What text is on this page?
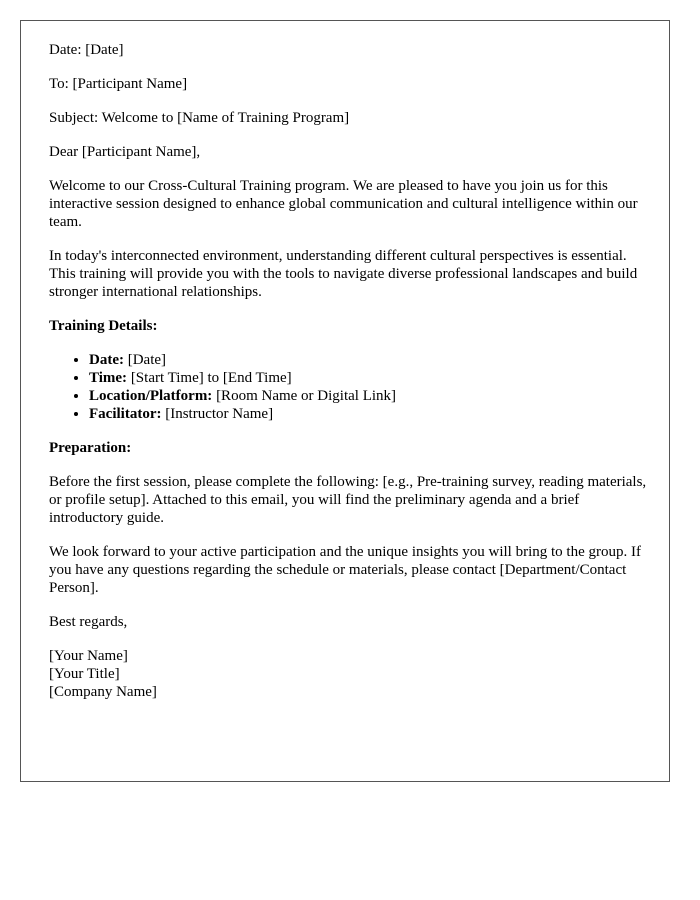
Date: [Date]

To: [Participant Name]

Subject: Welcome to [Name of Training Program]

Dear [Participant Name],

Welcome to our Cross-Cultural Training program. We are pleased to have you join us for this interactive session designed to enhance global communication and cultural intelligence within our team.

In today's interconnected environment, understanding different cultural perspectives is essential. This training will provide you with the tools to navigate diverse professional landscapes and build stronger international relationships.

Training Details:

• Date: [Date]
• Time: [Start Time] to [End Time]
• Location/Platform: [Room Name or Digital Link]
• Facilitator: [Instructor Name]

Preparation:

Before the first session, please complete the following: [e.g., Pre-training survey, reading materials, or profile setup]. Attached to this email, you will find the preliminary agenda and a brief introductory guide.

We look forward to your active participation and the unique insights you will bring to the group. If you have any questions regarding the schedule or materials, please contact [Department/Contact Person].

Best regards,

[Your Name]
[Your Title]
[Company Name]
